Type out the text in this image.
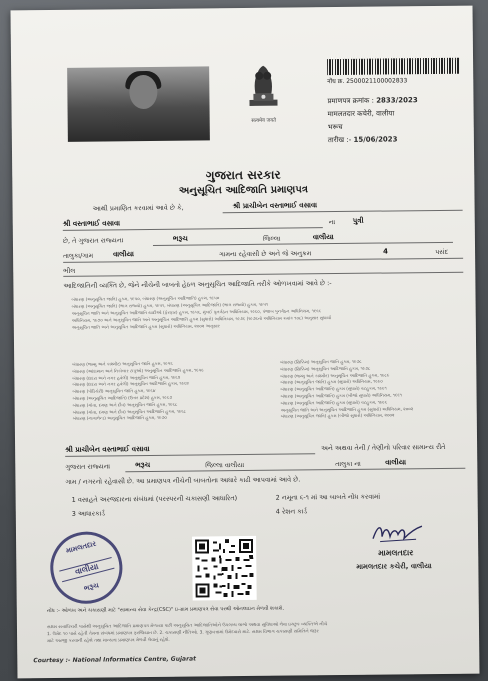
सत्यमेव जयते
नोंध क्र. 2500021100002833
प्रमाणपत्र क्रमांक : 2833/2023
मामलतदार कचेरी, वालीया
भरूच
तारीख :- 15/06/2023
ગુજરાત સરકાર
અનુસૂચિત આદિજાતિ પ્રમાણપત્ર
આથી પ્રમાણિત કરવામાં આવે છે કે,	શ્રી પ્રાચીબેન વસ્તાભાઈ વસાવા
શ્રી વસ્તાભાઈ વસાવા	ના પુત્રી
છે, તે ગુજરાત રાજ્યના	ભરૂચ	જિલ્લા	વાલીયા
તાલુકા/ગામ	વાલીયા	ગામના રહેવાસી છે અને જે અનુક્રમ	4	પસંદ
ભીલ
આદિજાતિની વ્યક્તિ છે, જેને નીચેની બાબતો હેઠળ અનુસૂચિત આદિજાતિ તરીકે ઓળખવામાં આવે છે :-
બંધારણ (અનુસૂચિત જાતિ) હુકમ, ૧૯૫૦, બંધારણ (અનુસૂચિત આદિજાતિ) હુકમ, ૧૯૫૦
બંધારણ (અનુસૂચિત જાતિ) (ભાગ રાજ્યો) હુકમ, ૧૯૫૧, બંધારણ (અનુસૂચિત આદિજાતિ) (ભાગ રાજ્યો) હુકમ, ૧૯૫૧
અનુસૂચિત જાતિ અને અનુસૂચિત આદિજાતિ યાદીઓ (ફેરફાર) હુકમ, ૧૯૫૬, મુંબઈ પુનર્ગઠન અધિનિયમ, ૧૯૬૦, પંજાબ પુનર્ગઠન અધિનિયમ, ૧૯૬૬
અધિનિયમ, ૧૯૭૦ અને અનુસૂચિત જાતિ અને અનુસૂચિત આદિજાતિ હુકમ (સુધારો) અધિનિયમ, ૧૯૭૬ (૧૯૭૬નો અધિનિયમ ક્રમાંક ૧૦૮) અનુસાર સુધાર્યા
અનુસૂચિત જાતિ અને અનુસૂચિત આદિજાતિ હુકમ (સુધારો) અધિનિયમ, ૨૦૦૨ અનુસાર
બંધારણ (જમ્મુ અને કાશ્મીર) અનુસૂચિત જાતિ હુકમ, ૧૯૫૬
બંધારણ (આંદામાન અને નિકોબાર ટાપુઓ) અનુસૂચિત આદિજાતિ હુકમ, ૧૯૫૯
બંધારણ (દાદરા અને નગર હવેલી) અનુસૂચિત જાતિ હુકમ, ૧૯૬૨
બંધારણ (દાદરા અને નગર હવેલી) અનુસૂચિત આદિજાતિ હુકમ, ૧૯૬૨
બંધારણ (પોંડિચેરી) અનુસૂચિત જાતિ હુકમ, ૧૯૬૪
બંધારણ (અનુસૂચિત આદિજાતિ) (ઉત્તર પ્રદેશ) હુકમ, ૧૯૬૭
બંધારણ (ગોવા, દમણ અને દીવ) અનુસૂચિત જાતિ હુકમ, ૧૯૬૮
બંધારણ (ગોવા, દમણ અને દીવ) અનુસૂચિત આદિજાતિ હુકમ, ૧૯૬૮
બંધારણ (નાગાલેન્ડ) અનુસૂચિત આદિજાતિ હુકમ, ૧૯૭૦
બંધારણ (સિક્કિમ) અનુસૂચિત જાતિ હુકમ, ૧૯૭૮
બંધારણ (સિક્કિમ) અનુસૂચિત આદિજાતિ હુકમ, ૧૯૭૮
બંધારણ (જમ્મુ અને કાશ્મીર) અનુસૂચિત આદિજાતિ હુકમ, ૧૯૮૯
બંધારણ (અનુસૂચિત જાતિ) હુકમ (સુધારો) અધિનિયમ, ૧૯૯૦
બંધારણ (અનુસૂચિત આદિજાતિ) હુકમ (સુધારો) વટહુકમ, ૧૯૯૧
બંધારણ (અનુસૂચિત આદિજાતિ) હુકમ (બીજો સુધારો) અધિનિયમ, ૧૯૯૧
બંધારણ (અનુસૂચિત આદિજાતિ) હુકમ (સુધારો) વટહુકમ, ૧૯૯૬
અનુસૂચિત જાતિ અને અનુસૂચિત આદિજાતિ હુકમ (સુધારો) અધિનિયમ, ૨૦૦૨
બંધારણ (અનુસૂચિત જાતિ) હુકમ (બીજો સુધારો) અધિનિયમ, ૨૦૦૨
શ્રી પ્રાચીબેન વસ્તાભાઈ વસાવા	અને અથવા તેની / તેણીનો પરિવાર સામાન્ય રીતે
ગુજરાત રાજ્યના	ભરૂચ	જિલ્લા વાલીયા	તાલુકા ના	વાલીયા
ગામ / નગરનો રહેવાસી છે. આ પ્રમાણપત્ર નીચેની બાબતોના આધારે કાઢી આપવામાં આવે છે.
1 વસાહતે અરજદારના સંબંધમાં (પરસ્પરની ચકાસણી આધારિત)	2 નમૂના ૬-૧ માં આ બાબતે નોંધ કરવામાં
3 આધારકાર્ડ	4 રેશન કાર્ડ
મામલતદાર
વાલીયા
ભરૂચ
મામલતદાર
મામલતદાર કચેરી, વાલીયા
નોંધ :- ઓળખ અને ચકાસણી માટે "સામાન્ય સેવા કેન્દ્ર(CSC)" ઇ-ગ્રામ પ્રમાણપત્ર સેવા પરથી ઓનલાઇન મેળવી શકાશે.
સક્ષમ સત્તાધિકારી પાસેથી અનુસૂચિત આદિજાતિ પ્રમાણપત્ર મેળવ્યા પછી અનુસૂચિત આદિજાતિઓને ઉપલબ્ધ લાભો અથવા સુવિધાઓ લેવા ઇચ્છુક વ્યક્તિએ નીચે
1. ઉમેદ ૧૦ પાસે રહેતી તેમના સંબંધમાં પ્રમાણપત્ર ફરજિયાત છે. 2. ચકાસણી નીતિઓ. 3. ગુણવત્તામાં ઉમેદવારો માટે. સક્ષમ વિભાગ ચકાસણી સમિતિને જરૂર
માટે અરજી કરવાની રહેશે તથા માન્યતા પ્રમાણપત્ર મેળવી લેવાનું રહેશે.
Courtesy :- National Informatics Centre, Gujarat
